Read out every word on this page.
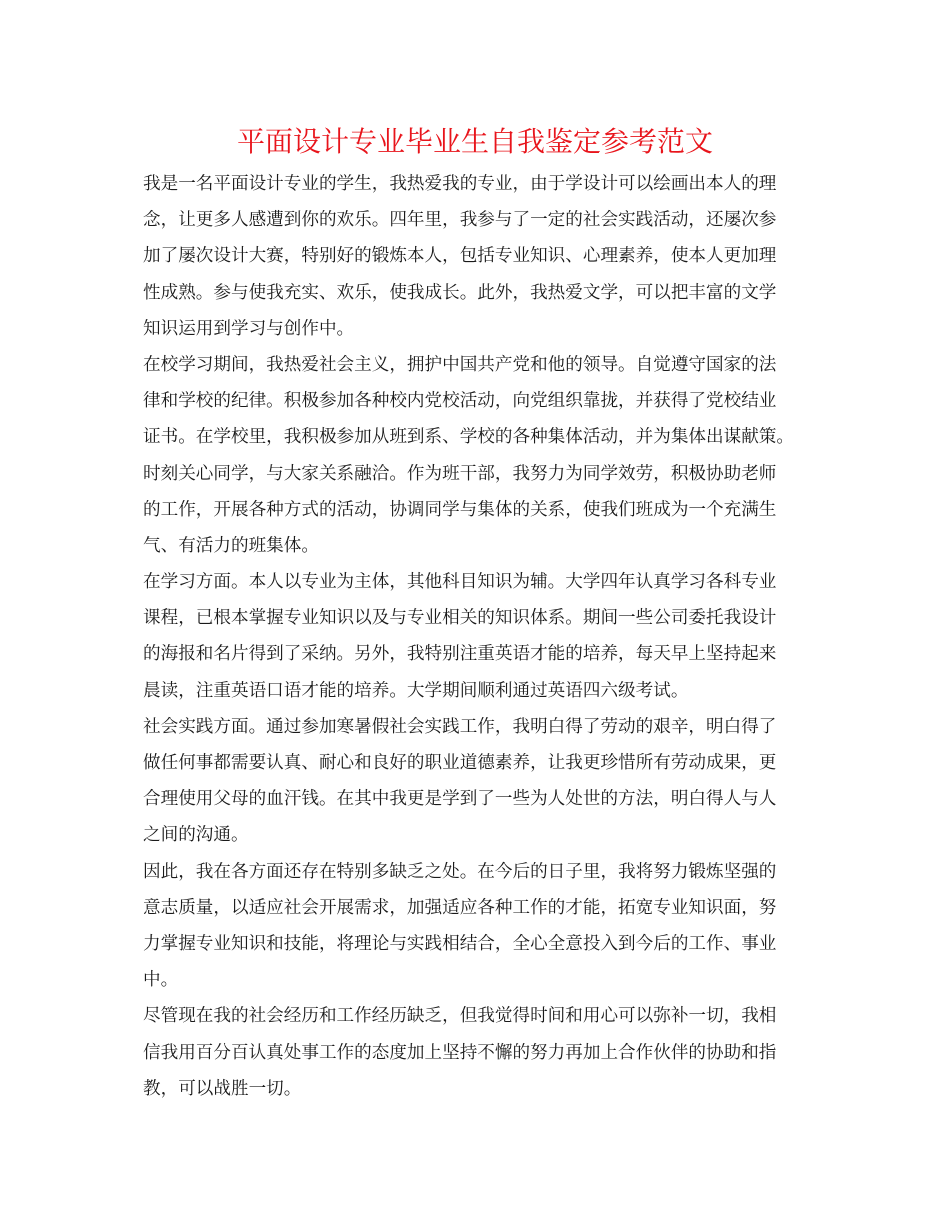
平面设计专业毕业生自我鉴定参考范文
我是一名平面设计专业的学生，我热爱我的专业，由于学设计可以绘画出本人的理
念，让更多人感遭到你的欢乐。四年里，我参与了一定的社会实践活动，还屡次参
加了屡次设计大赛，特别好的锻炼本人，包括专业知识、心理素养，使本人更加理
性成熟。参与使我充实、欢乐，使我成长。此外，我热爱文学，可以把丰富的文学
知识运用到学习与创作中。
在校学习期间，我热爱社会主义，拥护中国共产党和他的领导。自觉遵守国家的法
律和学校的纪律。积极参加各种校内党校活动，向党组织靠拢，并获得了党校结业
证书。在学校里，我积极参加从班到系、学校的各种集体活动，并为集体出谋献策。
时刻关心同学，与大家关系融洽。作为班干部，我努力为同学效劳，积极协助老师
的工作，开展各种方式的活动，协调同学与集体的关系，使我们班成为一个充满生
气、有活力的班集体。
在学习方面。本人以专业为主体，其他科目知识为辅。大学四年认真学习各科专业
课程，已根本掌握专业知识以及与专业相关的知识体系。期间一些公司委托我设计
的海报和名片得到了采纳。另外，我特别注重英语才能的培养，每天早上坚持起来
晨读，注重英语口语才能的培养。大学期间顺利通过英语四六级考试。
社会实践方面。通过参加寒暑假社会实践工作，我明白得了劳动的艰辛，明白得了
做任何事都需要认真、耐心和良好的职业道德素养，让我更珍惜所有劳动成果，更
合理使用父母的血汗钱。在其中我更是学到了一些为人处世的方法，明白得人与人
之间的沟通。
因此，我在各方面还存在特别多缺乏之处。在今后的日子里，我将努力锻炼坚强的
意志质量，以适应社会开展需求，加强适应各种工作的才能，拓宽专业知识面，努
力掌握专业知识和技能，将理论与实践相结合，全心全意投入到今后的工作、事业
中。
尽管现在我的社会经历和工作经历缺乏，但我觉得时间和用心可以弥补一切，我相
信我用百分百认真处事工作的态度加上坚持不懈的努力再加上合作伙伴的协助和指
教，可以战胜一切。
